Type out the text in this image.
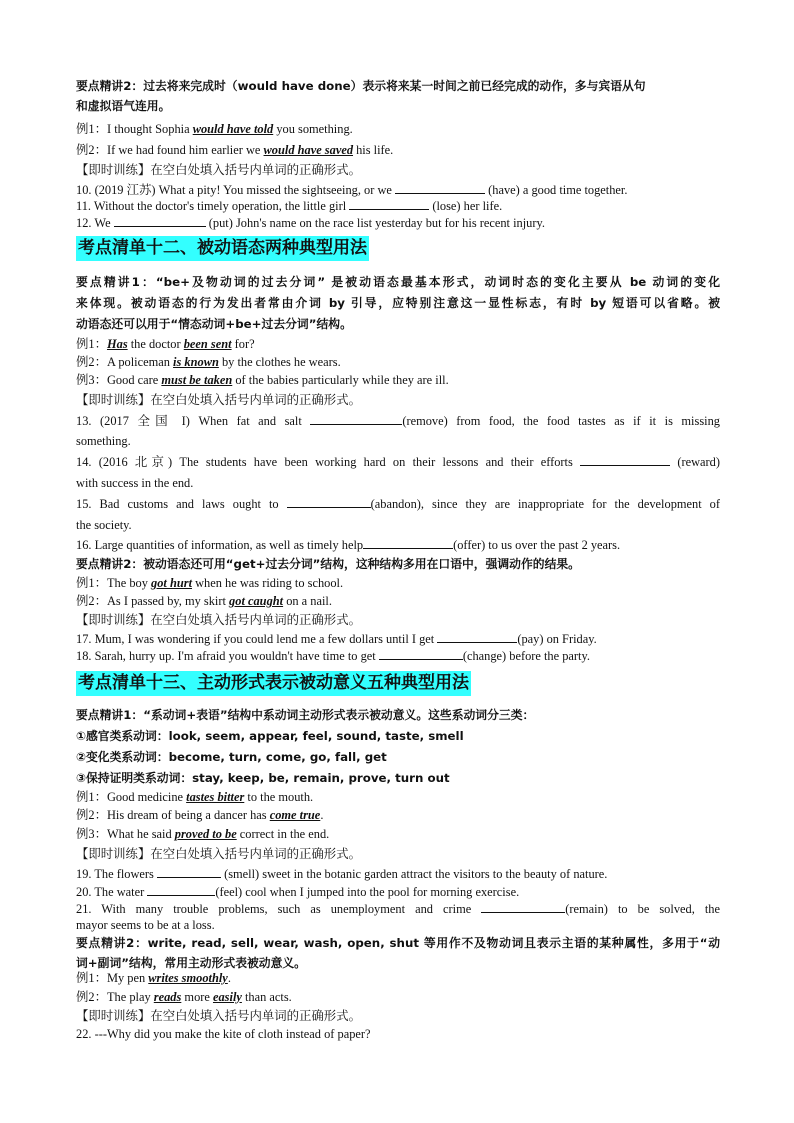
要点精讲2：过去将来完成时（would have done）表示将来某一时间之前已经完成的动作，多与宾语从句
和虚拟语气连用。
例1：I thought Sophia would have told you something.
例2：If we had found him earlier we would have saved his life.
【即时训练】在空白处填入括号内单词的正确形式。
10. (2019 江苏) What a pity! You missed the sightseeing, or we	(have) a good time together.
11. Without the doctor's timely operation, the little girl	(lose) her life.
12. We	(put) John's name on the race list yesterday but for his recent injury.
考点清单十二、被动语态两种典型用法
要点精讲1：“be+及物动词的过去分词” 是被动语态最基本形式，动词时态的变化主要从 be 动词的变化
来体现。被动语态的行为发出者常由介词 by 引导，应特别注意这一显性标志，有时 by 短语可以省略。被
动语态还可以用于“情态动词+be+过去分词”结构。
例1：Has the doctor been sent for?
例2：A policeman is known by the clothes he wears.
例3：Good care must be taken of the babies particularly while they are ill.
【即时训练】在空白处填入括号内单词的正确形式。
13. (2017 全国 I) When fat and salt	(remove) from food, the food tastes as if it is missing
something.
14. (2016 北京) The students have been working hard on their lessons and their efforts	(reward)
with success in the end.
15. Bad customs and laws ought to	(abandon), since they are inappropriate for the development of
the society.
16. Large quantities of information, as well as timely help	(offer) to us over the past 2 years.
要点精讲2：被动语态还可用“get+过去分词”结构，这种结构多用在口语中，强调动作的结果。
例1：The boy got hurt when he was riding to school.
例2：As I passed by, my skirt got caught on a nail.
【即时训练】在空白处填入括号内单词的正确形式。
17. Mum, I was wondering if you could lend me a few dollars until I get	(pay) on Friday.
18. Sarah, hurry up. I'm afraid you wouldn't have time to get	(change) before the party.
考点清单十三、主动形式表示被动意义五种典型用法
要点精讲1：“系动词+表语”结构中系动词主动形式表示被动意义。这些系动词分三类：
①感官类系动词：look, seem, appear, feel, sound, taste, smell
②变化类系动词：become, turn, come, go, fall, get
③保持证明类系动词：stay, keep, be, remain, prove, turn out
例1：Good medicine tastes bitter to the mouth.
例2：His dream of being a dancer has come true.
例3：What he said proved to be correct in the end.
【即时训练】在空白处填入括号内单词的正确形式。
19. The flowers	(smell) sweet in the botanic garden attract the visitors to the beauty of nature.
20. The water	(feel) cool when I jumped into the pool for morning exercise.
21. With many trouble problems, such as unemployment and crime	(remain) to be solved, the
mayor seems to be at a loss.
要点精讲2：write, read, sell, wear, wash, open, shut 等用作不及物动词且表示主语的某种属性，多用于“动
词+副词”结构，常用主动形式表被动意义。
例1：My pen writes smoothly.
例2：The play reads more easily than acts.
【即时训练】在空白处填入括号内单词的正确形式。
22. ---Why did you make the kite of cloth instead of paper?
